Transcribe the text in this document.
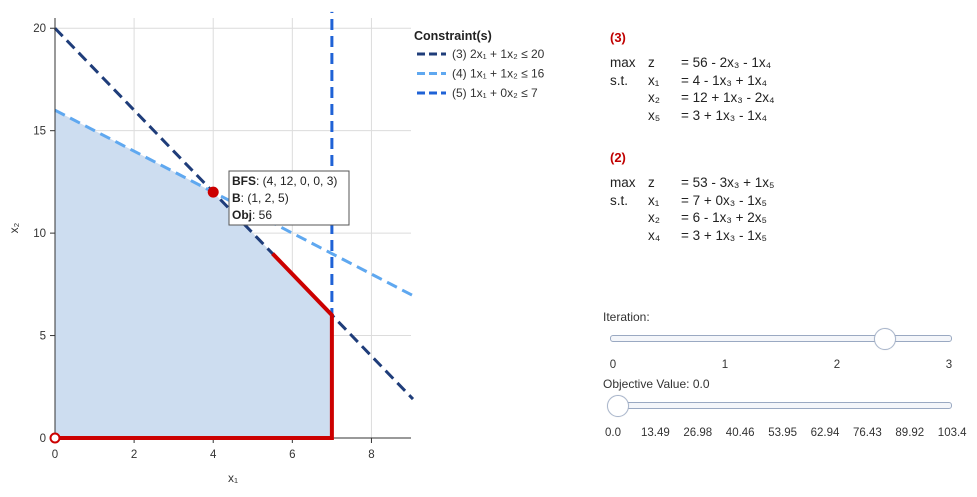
0	2	4	6	8
0
5
10
15
20
x₁
x₂
BFS: (4, 12, 0, 0, 3)
B: (1, 2, 5)
Obj: 56
Constraint(s)
(3) 2x₁ + 1x₂ ≤ 20
(4) 1x₁ + 1x₂ ≤ 16
(5) 1x₁ + 0x₂ ≤ 7
(3)
max	z	= 56 - 2x₃ - 1x₄
s.t.	x₁	= 4 - 1x₃ + 1x₄
	x₂	= 12 + 1x₃ - 2x₄
	x₅	= 3 + 1x₃ - 1x₄
(2)
max	z	= 53 - 3x₃ + 1x₅
s.t.	x₁	= 7 + 0x₃ - 1x₅
	x₂	= 6 - 1x₃ + 2x₅
	x₄	= 3 + 1x₃ - 1x₅
Iteration:
0	1	2	3
Objective Value: 0.0
0.0 13.49 26.98 40.46 53.95 62.94 76.43 89.92 103.4
